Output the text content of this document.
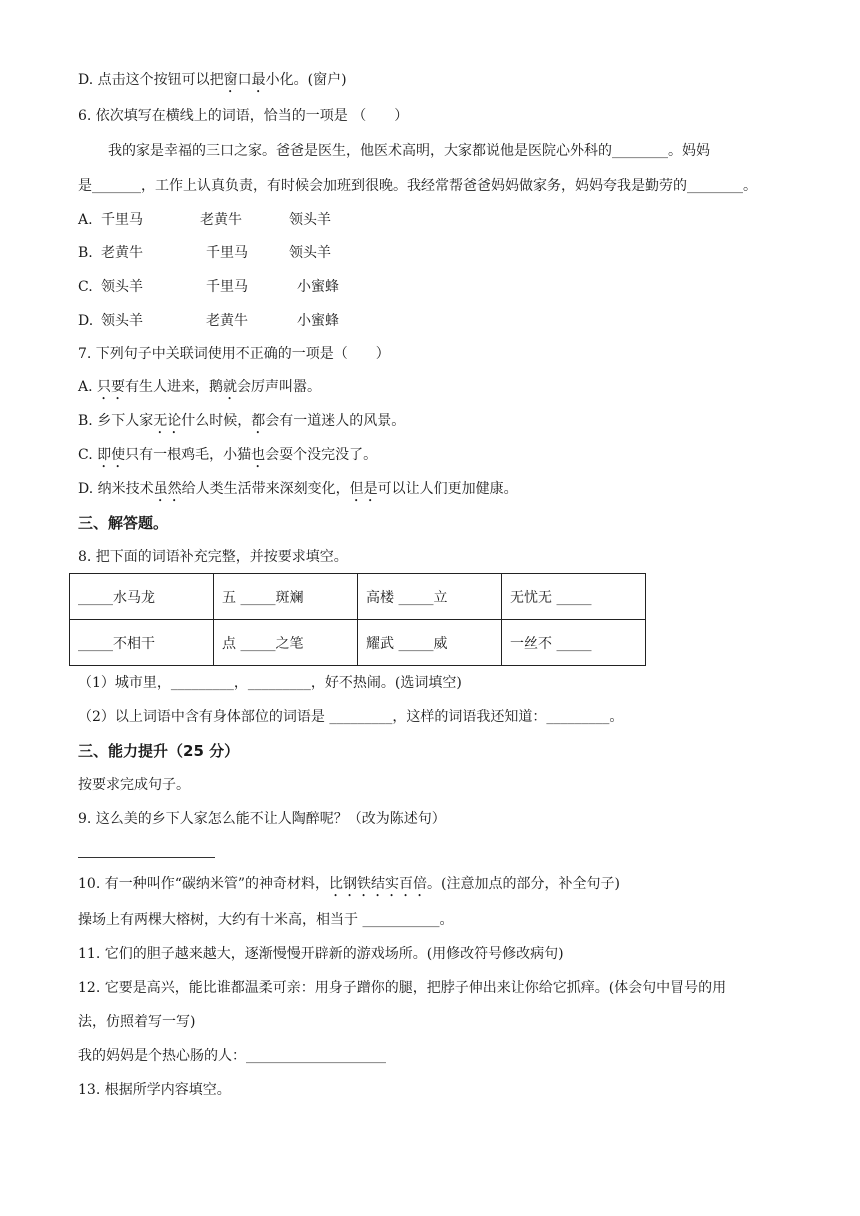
D. 点击这个按钮可以把窗口最小化。(窗户)
6. 依次填写在横线上的词语，恰当的一项是 （　　）
我的家是幸福的三口之家。爸爸是医生，他医术高明，大家都说他是医院心外科的________。妈妈
是_______，工作上认真负责，有时候会加班到很晚。我经常帮爸爸妈妈做家务，妈妈夸我是勤劳的________。
A. 千里马	老黄牛	领头羊
B. 老黄牛	千里马	领头羊
C. 领头羊	千里马	小蜜蜂
D. 领头羊	老黄牛	小蜜蜂
7. 下列句子中关联词使用不正确的一项是（　　）
A. 只要有生人进来，鹅就会厉声叫嚣。
B. 乡下人家无论什么时候，都会有一道迷人的风景。
C. 即使只有一根鸡毛，小猫也会耍个没完没了。
D. 纳米技术虽然给人类生活带来深刻变化，但是可以让人们更加健康。
三、解答题。
8. 把下面的词语补充完整，并按要求填空。
_____水马龙	五 _____斑斓	高楼 _____立	无忧无 _____
_____不相干	点 _____之笔	耀武 _____威	一丝不 _____
（1）城市里，_________，_________，好不热闹。(选词填空)
（2）以上词语中含有身体部位的词语是 _________，这样的词语我还知道：_________。
三、能力提升（25 分）
按要求完成句子。
9. 这么美的乡下人家怎么能不让人陶醉呢？（改为陈述句）
10. 有一种叫作“碳纳米管”的神奇材料，比钢铁结实百倍。(注意加点的部分，补全句子)
操场上有两棵大榕树，大约有十米高，相当于 ___________。
11. 它们的胆子越来越大，逐渐慢慢开辟新的游戏场所。(用修改符号修改病句)
12. 它要是高兴，能比谁都温柔可亲：用身子蹭你的腿，把脖子伸出来让你给它抓痒。(体会句中冒号的用
法，仿照着写一写)
我的妈妈是个热心肠的人：____________________
13. 根据所学内容填空。
